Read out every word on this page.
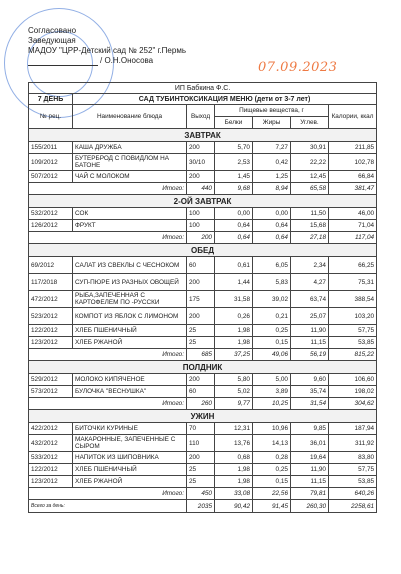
Согласовано
Заведующая
МАДОУ "ЦРР-Детский сад № 252" г.Пермь
/ О.Н.Оносова	07.09.2023
ИП Бабкина Ф.С.						
7 ДЕНЬ	САД ТУБИНТОКСИКАЦИЯ МЕНЮ (дети от 3-7 лет)					
№ рец.	Наименование блюда	Выход	Пищевые вещества, г			Калории, ккал
			Белки	Жиры	Углев.	
ЗАВТРАК						
155/2011	КАША ДРУЖБА	200	5,70	7,27	30,91	211,85
109/2012	БУТЕРБРОД С ПОВИДЛОМ НА БАТОНЕ	30/10	2,53	0,42	22,22	102,78
507/2012	ЧАЙ С МОЛОКОМ	200	1,45	1,25	12,45	66,84
Итого:		440	9,68	8,94	65,58	381,47
2-ОЙ ЗАВТРАК						
532/2012	СОК	100	0,00	0,00	11,50	46,00
126/2012	ФРУКТ	100	0,64	0,64	15,68	71,04
Итого:		200	0,64	0,64	27,18	117,04
ОБЕД						
69/2012	САЛАТ ИЗ СВЕКЛЫ С ЧЕСНОКОМ	60	0,61	6,05	2,34	66,25
117/2018	СУП-ПЮРЕ ИЗ РАЗНЫХ ОВОЩЕЙ	200	1,44	5,83	4,27	75,31
472/2012	РЫБА,ЗАПЕЧЕННАЯ С КАРТОФЕЛЕМ ПО -РУССКИ	175	31,58	39,02	63,74	388,54
523/2012	КОМПОТ ИЗ ЯБЛОК С ЛИМОНОМ	200	0,26	0,21	25,07	103,20
122/2012	ХЛЕБ ПШЕНИЧНЫЙ	25	1,98	0,25	11,90	57,75
123/2012	ХЛЕБ РЖАНОЙ	25	1,98	0,15	11,15	53,85
Итого:		685	37,25	49,06	56,19	815,22
ПОЛДНИК						
529/2012	МОЛОКО КИПЯЧЕНОЕ	200	5,80	5,00	9,60	106,60
573/2012	БУЛОЧКА "ВЕСНУШКА"	60	5,02	3,89	35,74	198,02
Итого:		260	9,77	10,25	31,54	304,62
УЖИН						
422/2012	БИТОЧКИ КУРИНЫЕ	70	12,31	10,96	9,85	187,94
432/2012	МАКАРОННЫЕ, ЗАПЕЧЕННЫЕ С СЫРОМ	110	13,76	14,13	36,01	311,92
533/2012	НАПИТОК ИЗ ШИПОВНИКА	200	0,68	0,28	19,64	83,80
122/2012	ХЛЕБ ПШЕНИЧНЫЙ	25	1,98	0,25	11,90	57,75
123/2012	ХЛЕБ РЖАНОЙ	25	1,98	0,15	11,15	53,85
Итого:		450	33,08	22,56	79,81	640,26
Всего за день:		2035	90,42	91,45	260,30	2258,61
